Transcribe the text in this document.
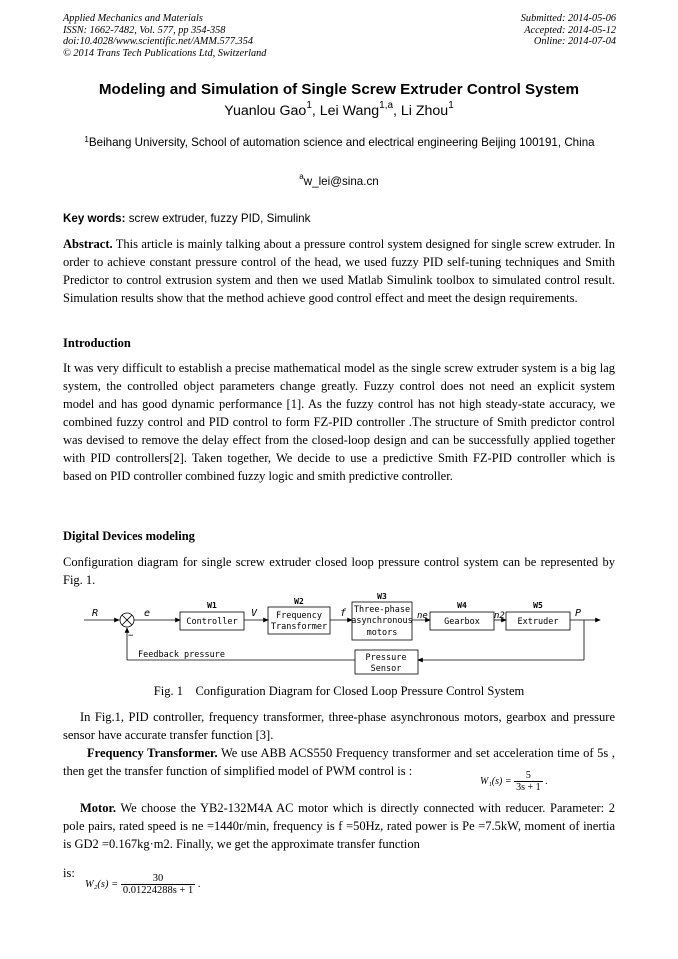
Applied Mechanics and Materials
ISSN: 1662-7482, Vol. 577, pp 354-358
doi:10.4028/www.scientific.net/AMM.577.354
© 2014 Trans Tech Publications Ltd, Switzerland
Submitted: 2014-05-06
Accepted: 2014-05-12
Online: 2014-07-04
Modeling and Simulation of Single Screw Extruder Control System
Yuanlou Gao$^1$, Lei Wang$^{1,a}$, Li Zhou$^1$
$^1$Beihang University, School of automation science and electrical engineering Beijing 100191, China
$^a$w_lei@sina.cn
Key words: screw extruder, fuzzy PID, Simulink
Abstract. This article is mainly talking about a pressure control system designed for single screw extruder. In order to achieve constant pressure control of the head, we used fuzzy PID self-tuning techniques and Smith Predictor to control extrusion system and then we used Matlab Simulink toolbox to simulated control result. Simulation results show that the method achieve good control effect and meet the design requirements.
Introduction
It was very difficult to establish a precise mathematical model as the single screw extruder system is a big lag system, the controlled object parameters change greatly. Fuzzy control does not need an explicit system model and has good dynamic performance [1]. As the fuzzy control has not high steady-state accuracy, we combined fuzzy control and PID control to form FZ-PID controller .The structure of Smith predictor control was devised to remove the delay effect from the closed-loop design and can be successfully applied together with PID controllers[2]. Taken together, We decide to use a predictive Smith FZ-PID controller which is based on PID controller combined fuzzy logic and smith predictive controller.
Digital Devices modeling
Configuration diagram for single screw extruder closed loop pressure control system can be represented by Fig. 1.
R	e
−
V	f	ne	n2	P
W1
Controller
W2
Frequency
Transformer
W3
Three-phase
asynchronous
motors
W4
Gearbox
W5
Extruder
Pressure
Sensor
Feedback pressure
Fig. 1    Configuration Diagram for Closed Loop Pressure Control System
In Fig.1, PID controller, frequency transformer, three-phase asynchronous motors, gearbox and pressure sensor have accurate transfer function [3].
Frequency Transformer. We use ABB ACS550 Frequency transformer and set acceleration time of 5s , then get the transfer function of simplified model of PWM control is :
$W_1(s) = \frac{5}{3s + 1}$ .
Motor. We choose the YB2-132M4A AC motor which is directly connected with reducer. Parameter: 2 pole pairs, rated speed is ne =1440r/min, frequency is f =50Hz, rated power is Pe =7.5kW, moment of inertia is GD2 =0.167kg·m2. Finally, we get the approximate transfer function
is:
$W_2(s) = \frac{30}{0.01224288s + 1}$ .
